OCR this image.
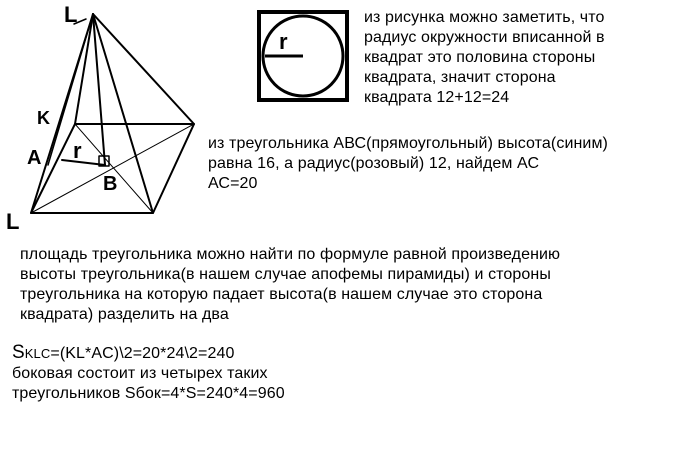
L
L
K
A
B
r
r
из рисунка можно заметить, что
радиус окружности вписанной в
квадрат это половина стороны
квадрата, значит сторона
квадрата 12+12=24
из треугольника АВС(прямоугольный) высота(синим)
равна 16, а радиус(розовый) 12, найдем АС
АС=20
площадь треугольника можно найти по формуле равной произведению
высоты треугольника(в нашем случае апофемы пирамиды) и стороны
треугольника на которую падает высота(в нашем случае это сторона
квадрата) разделить на два
SKLC=(KL*AC)\2=20*24\2=240
боковая состоит из четырех таких
треугольников Sбок=4*S=240*4=960
